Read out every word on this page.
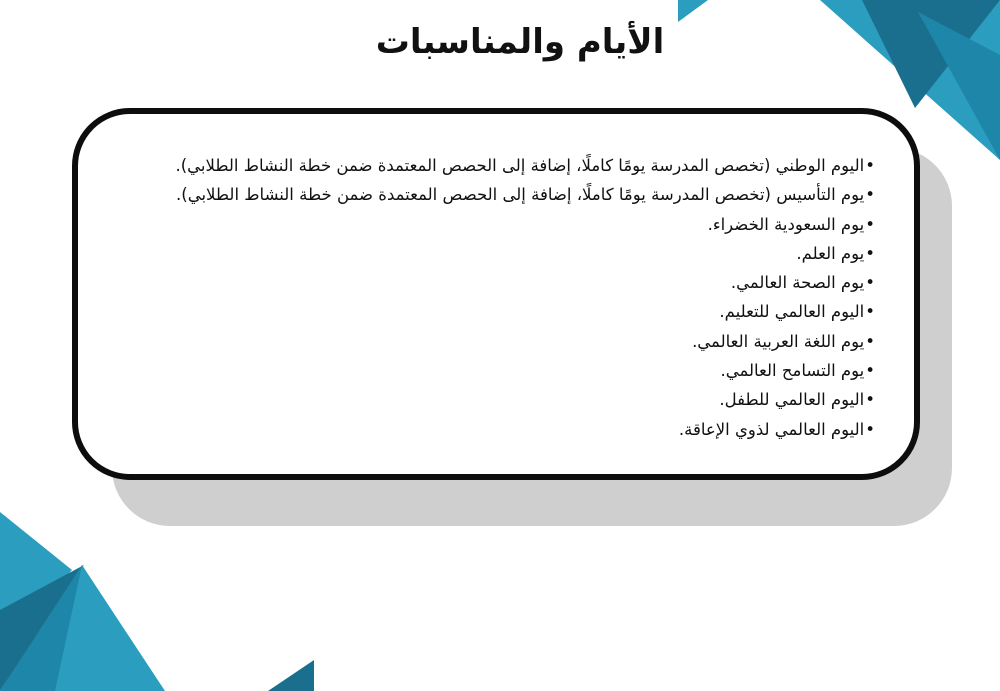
الأيام والمناسبات
•اليوم الوطني (تخصص المدرسة يومًا كاملًا، إضافة إلى الحصص المعتمدة ضمن خطة النشاط الطلابي).
•يوم التأسيس (تخصص المدرسة يومًا كاملًا، إضافة إلى الحصص المعتمدة ضمن خطة النشاط الطلابي).
•يوم السعودية الخضراء.
•يوم العلم.
•يوم الصحة العالمي.
•اليوم العالمي للتعليم.
•يوم اللغة العربية العالمي.
•يوم التسامح العالمي.
•اليوم العالمي للطفل.
•اليوم العالمي لذوي الإعاقة.
